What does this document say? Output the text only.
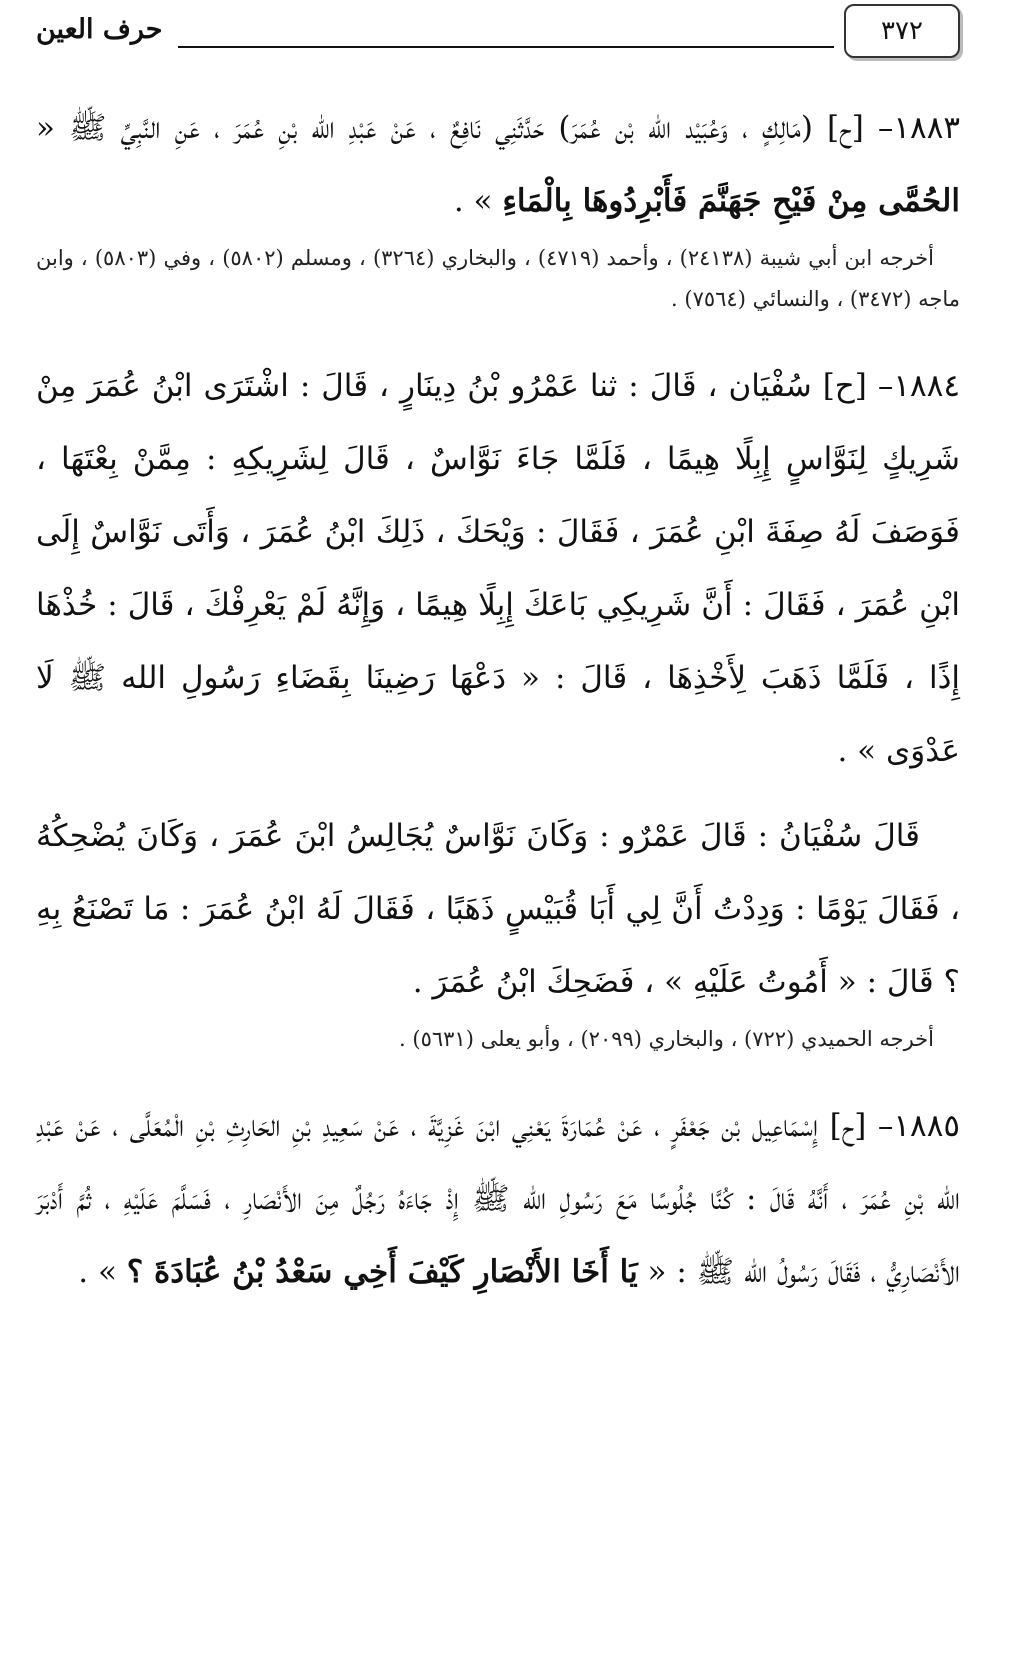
٣٧٢
حرف العين

١٨٨٣– [ح] (مَالِكٍ ، وَعُبَيْد الله بْن عُمَرَ) حَدَّثَنِي نَافِعٌ ، عَنْ عَبْدِ الله بْنِ عُمَرَ ، عَنِ النَّبِيِّ ﷺ « الحُمَّى مِنْ فَيْحِ جَهَنَّمَ فَأَبْرِدُوهَا بِالْمَاءِ » .

أخرجه ابن أبي شيبة (٢٤١٣٨) ، وأحمد (٤٧١٩) ، والبخاري (٣٢٦٤) ، ومسلم (٥٨٠٢) ، وفي (٥٨٠٣) ، وابن ماجه (٣٤٧٢) ، والنسائي (٧٥٦٤) .

١٨٨٤– [ح] سُفْيَان ، قَالَ : ثنا عَمْرُو بْنُ دِينَارٍ ، قَالَ : اشْتَرَى ابْنُ عُمَرَ مِنْ شَرِيكٍ لِنَوَّاسٍ إِبِلًا هِيمًا ، فَلَمَّا جَاءَ نَوَّاسٌ ، قَالَ لِشَرِيكِهِ : مِمَّنْ بِعْتَهَا ، فَوَصَفَ لَهُ صِفَةَ ابْنِ عُمَرَ ، فَقَالَ : وَيْحَكَ ، ذَلِكَ ابْنُ عُمَرَ ، وَأَتَى نَوَّاسٌ إِلَى ابْنِ عُمَرَ ، فَقَالَ : أَنَّ شَرِيكِي بَاعَكَ إِبِلًا هِيمًا ، وَإِنَّهُ لَمْ يَعْرِفْكَ ، قَالَ : خُذْهَا إِذًا ، فَلَمَّا ذَهَبَ لِأَخْذِهَا ، قَالَ : « دَعْهَا رَضِينَا بِقَضَاءِ رَسُولِ الله ﷺ لَا عَدْوَى » .

قَالَ سُفْيَانُ : قَالَ عَمْرٌو : وَكَانَ نَوَّاسٌ يُجَالِسُ ابْنَ عُمَرَ ، وَكَانَ يُضْحِكُهُ ، فَقَالَ يَوْمًا : وَدِدْتُ أَنَّ لِي أَبَا قُبَيْسٍ ذَهَبًا ، فَقَالَ لَهُ ابْنُ عُمَرَ : مَا تَصْنَعُ بِهِ ؟ قَالَ : « أَمُوتُ عَلَيْهِ » ، فَضَحِكَ ابْنُ عُمَرَ .

أخرجه الحميدي (٧٢٢) ، والبخاري (٢٠٩٩) ، وأبو يعلى (٥٦٣١) .

١٨٨٥– [ح] إِسْمَاعِيل بْن جَعْفَرٍ ، عَنْ عُمَارَةَ يَعْنِي ابْنَ غَزِيَّةَ ، عَنْ سَعِيدِ بْنِ الحَارِثِ بْنِ الْمُعَلَّى ، عَنْ عَبْدِ الله بْنِ عُمَرَ ، أَنَّهُ قَالَ : كُنَّا جُلُوسًا مَعَ رَسُولِ الله ﷺ إِذْ جَاءَهُ رَجُلٌ مِنَ الأَنْصَارِ ، فَسَلَّمَ عَلَيْهِ ، ثُمَّ أَدْبَرَ الأَنْصَارِيُّ ، فَقَالَ رَسُولُ الله ﷺ : « يَا أَخَا الأَنْصَارِ كَيْفَ أَخِي سَعْدُ بْنُ عُبَادَةَ ؟ » .
